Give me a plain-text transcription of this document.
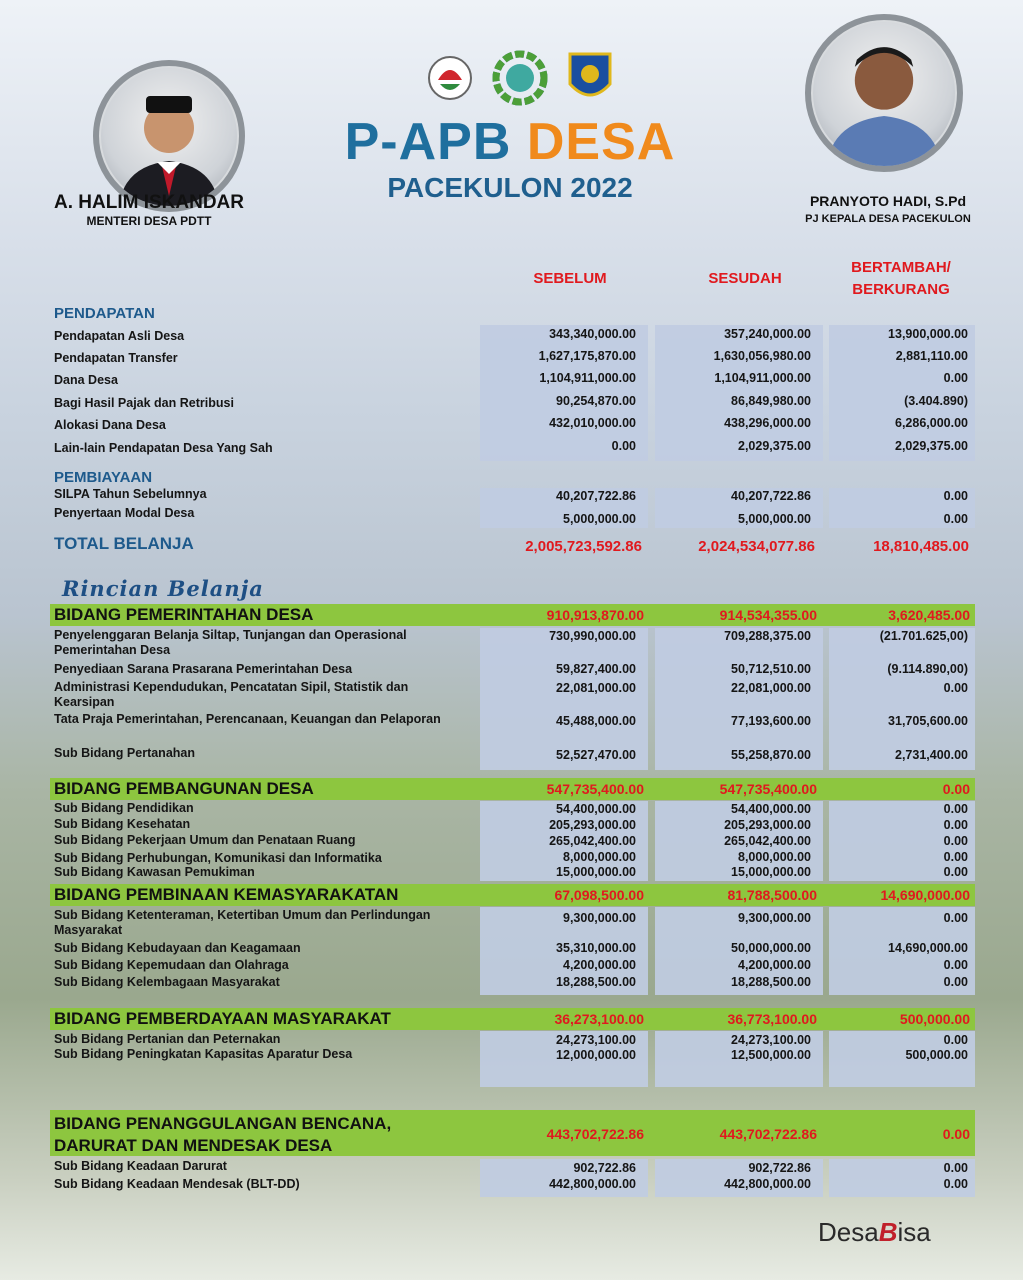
A. HALIM ISKANDAR
MENTERI DESA PDTT
PRANYOTO HADI, S.Pd
PJ KEPALA DESA PACEKULON
P-APB DESA
PACEKULON 2022
SEBELUM	SESUDAH
BERTAMBAH/
BERKURANG
PENDAPATAN
Pendapatan Asli Desa	343,340,000.00	357,240,000.00	13,900,000.00
Pendapatan Transfer	1,627,175,870.00	1,630,056,980.00	2,881,110.00
Dana Desa	1,104,911,000.00	1,104,911,000.00	0.00
Bagi Hasil Pajak dan Retribusi	90,254,870.00	86,849,980.00	(3.404.890)
Alokasi Dana Desa	432,010,000.00	438,296,000.00	6,286,000.00
Lain-lain Pendapatan Desa Yang Sah	0.00	2,029,375.00	2,029,375.00
PEMBIAYAAN
SILPA Tahun Sebelumnya	40,207,722.86	40,207,722.86	0.00
Penyertaan Modal Desa	5,000,000.00	5,000,000.00	0.00
TOTAL BELANJA	2,005,723,592.86	2,024,534,077.86	18,810,485.00
Rincian Belanja
BIDANG PEMERINTAHAN DESA	910,913,870.00	914,534,355.00	3,620,485.00
Penyelenggaran Belanja Siltap, Tunjangan dan Operasional Pemerintahan Desa
730,990,000.00	709,288,375.00	(21.701.625,00)
Penyediaan Sarana Prasarana Pemerintahan Desa	59,827,400.00	50,712,510.00	(9.114.890,00)
Administrasi Kependudukan, Pencatatan Sipil, Statistik dan Kearsipan
22,081,000.00	22,081,000.00	0.00
Tata Praja Pemerintahan, Perencanaan, Keuangan dan Pelaporan	45,488,000.00	77,193,600.00	31,705,600.00
Sub Bidang Pertanahan	52,527,470.00	55,258,870.00	2,731,400.00
BIDANG PEMBANGUNAN DESA	547,735,400.00	547,735,400.00	0.00
Sub Bidang Pendidikan	54,400,000.00	54,400,000.00	0.00
Sub Bidang Kesehatan	205,293,000.00	205,293,000.00	0.00
Sub Bidang Pekerjaan Umum dan Penataan Ruang	265,042,400.00	265,042,400.00	0.00
Sub Bidang Perhubungan, Komunikasi dan Informatika	8,000,000.00	8,000,000.00	0.00
Sub Bidang Kawasan Pemukiman	15,000,000.00	15,000,000.00	0.00
BIDANG PEMBINAAN KEMASYARAKATAN	67,098,500.00	81,788,500.00	14,690,000.00
Sub Bidang Ketenteraman, Ketertiban Umum dan Perlindungan Masyarakat
9,300,000.00	9,300,000.00	0.00
Sub Bidang Kebudayaan dan Keagamaan	35,310,000.00	50,000,000.00	14,690,000.00
Sub Bidang Kepemudaan dan Olahraga	4,200,000.00	4,200,000.00	0.00
Sub Bidang Kelembagaan Masyarakat	18,288,500.00	18,288,500.00	0.00
BIDANG PEMBERDAYAAN MASYARAKAT	36,273,100.00	36,773,100.00	500,000.00
Sub Bidang Pertanian dan Peternakan	24,273,100.00	24,273,100.00	0.00
Sub Bidang Peningkatan Kapasitas Aparatur Desa	12,000,000.00	12,500,000.00	500,000.00
BIDANG PENANGGULANGAN BENCANA,
DARURAT DAN MENDESAK DESA
443,702,722.86	443,702,722.86	0.00
Sub Bidang Keadaan Darurat	902,722.86	902,722.86	0.00
Sub Bidang Keadaan Mendesak (BLT-DD)	442,800,000.00	442,800,000.00	0.00
DesaBisa
